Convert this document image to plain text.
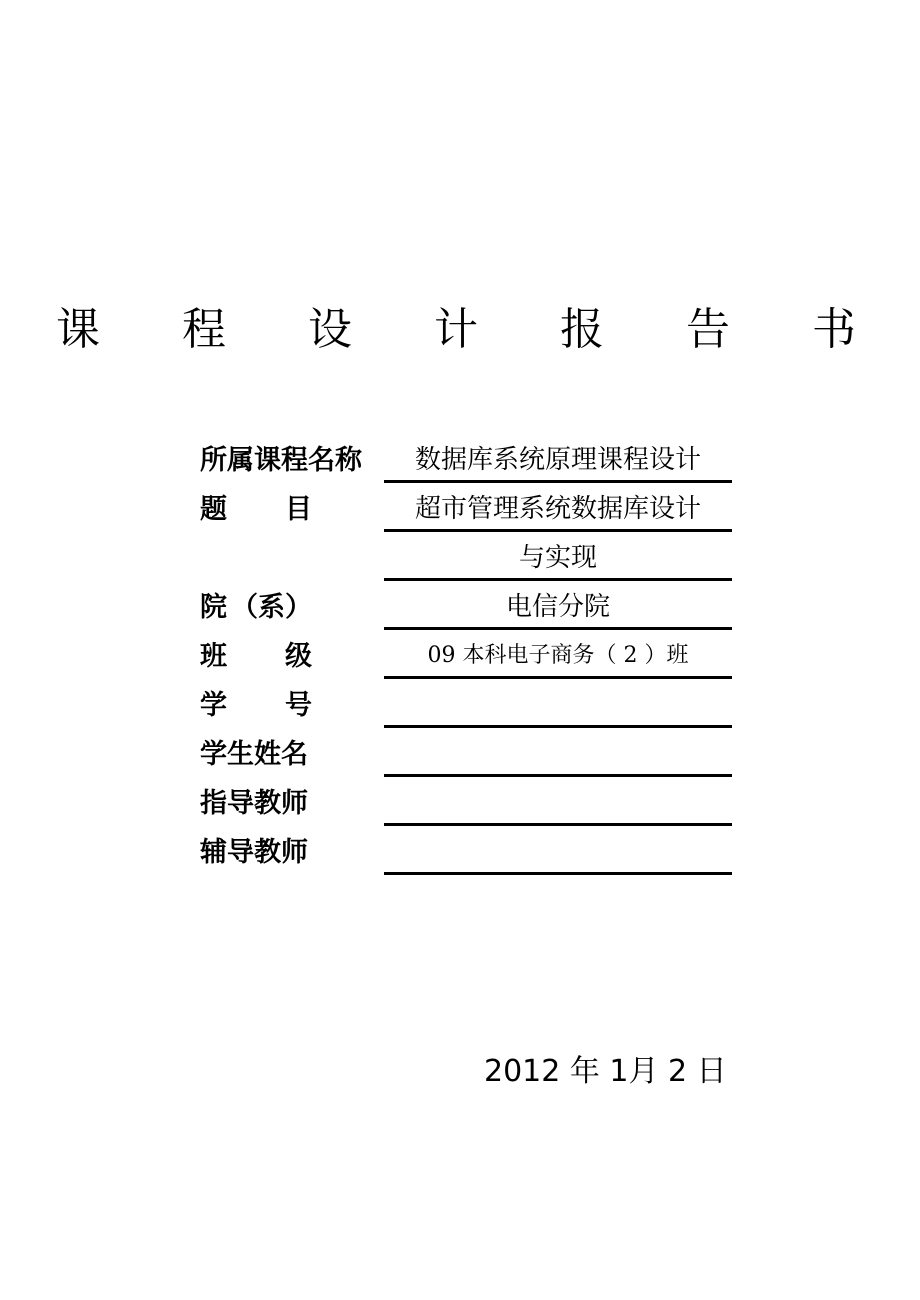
课 程 设 计 报 告 书
所属课程名称	数据库系统原理课程设计
题 目	超市管理系统数据库设计
与实现
院 （系）	电信分院
班 级	09 本科电子商务（ 2 ）班
学 号
学生姓名
指导教师
辅导教师
2012 年 1月 2 日
